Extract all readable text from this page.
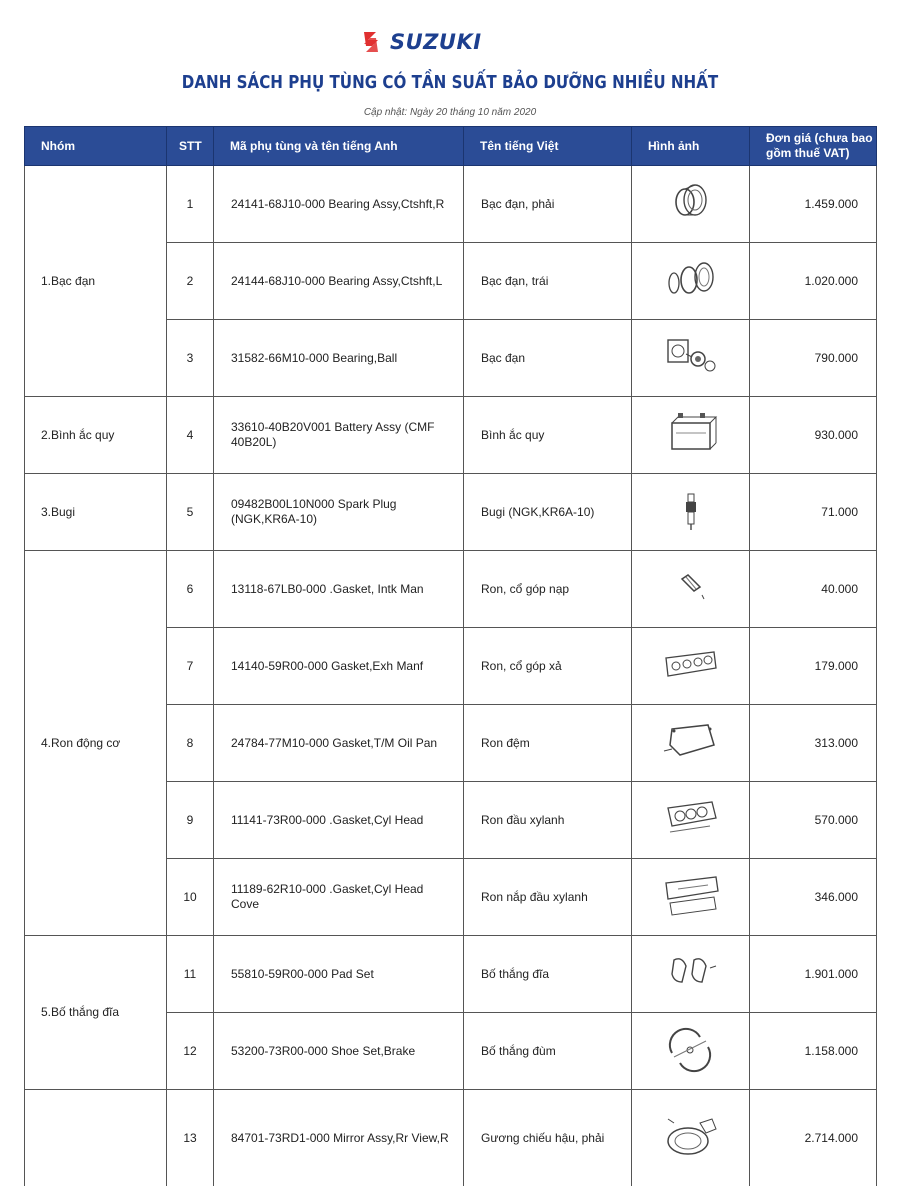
SUZUKI
DANH SÁCH PHỤ TÙNG CÓ TẦN SUẤT BẢO DƯỠNG NHIỀU NHẤT
Cập nhật: Ngày 20 tháng 10 năm 2020
Nhóm	STT	Mã phụ tùng và tên tiếng Anh	Tên tiếng Việt	Hình ảnh	Đơn giá (chưa bao gồm thuế VAT)
1.Bạc đạn	1	24141-68J10-000 Bearing Assy,Ctshft,R	Bạc đạn, phải		1.459.000
	2	24144-68J10-000 Bearing Assy,Ctshft,L	Bạc đạn, trái		1.020.000
	3	31582-66M10-000 Bearing,Ball	Bạc đạn		790.000
2.Bình ắc quy	4	33610-40B20V001 Battery Assy (CMF 40B20L)	Bình ắc quy		930.000
3.Bugi	5	09482B00L10N000 Spark Plug (NGK,KR6A-10)	Bugi (NGK,KR6A-10)		71.000
4.Ron động cơ	6	13118-67LB0-000 .Gasket, Intk Man	Ron, cổ góp nạp		40.000
	7	14140-59R00-000 Gasket,Exh Manf	Ron, cổ góp xả		179.000
	8	24784-77M10-000 Gasket,T/M Oil Pan	Ron đệm		313.000
	9	11141-73R00-000 .Gasket,Cyl Head	Ron đầu xylanh		570.000
	10	11189-62R10-000 .Gasket,Cyl Head Cove	Ron nắp đầu xylanh		346.000
5.Bố thắng đĩa	11	55810-59R00-000 Pad Set	Bố thắng đĩa		1.901.000
	12	53200-73R00-000 Shoe Set,Brake	Bố thắng đùm		1.158.000
	13	84701-73RD1-000 Mirror Assy,Rr View,R	Gương chiếu hậu, phải		2.714.000
